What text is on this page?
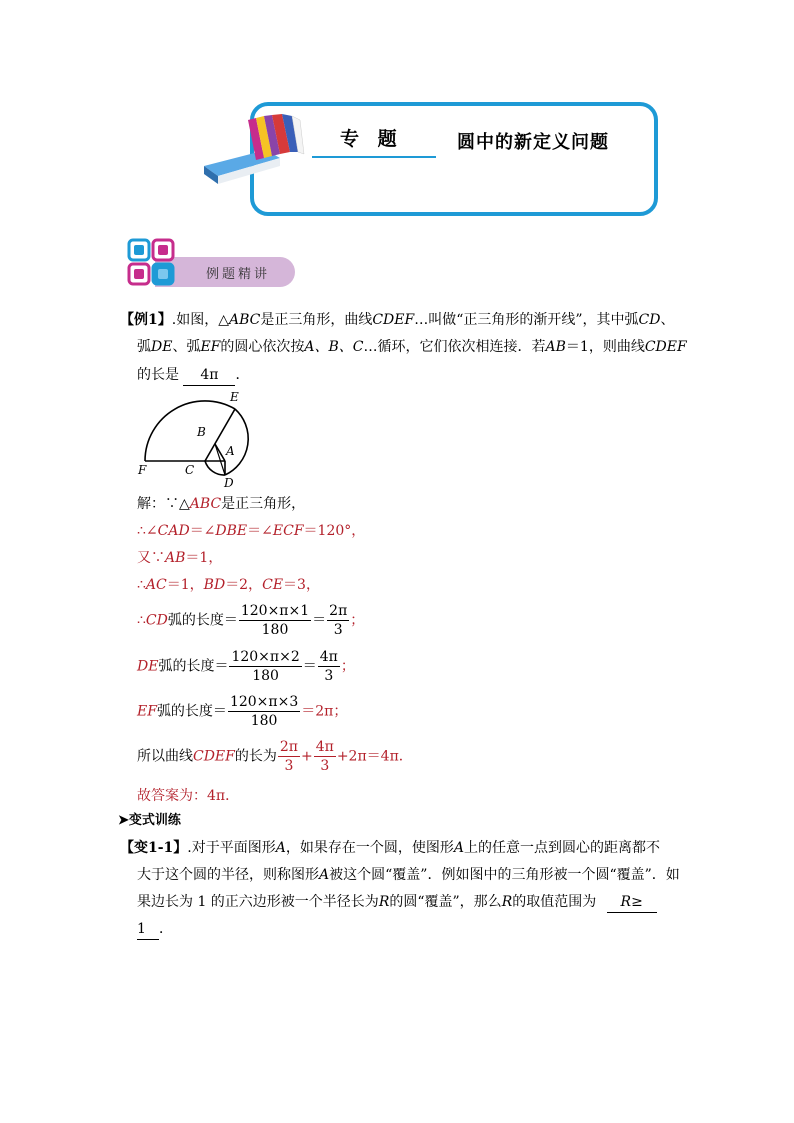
专 题	圆中的新定义问题
例题精讲
【例1】.如图，△ABC是正三角形，曲线CDEF…叫做“正三角形的渐开线”，其中弧CD、
弧DE、弧EF的圆心依次按A、B、C…循环，它们依次相连接．若AB＝1，则曲线CDEF
的长是 4π ．
E
B
A
F	C
D
解：∵△ABC是正三角形，
∴∠CAD＝∠DBE＝∠ECF＝120°，
又∵AB＝1，
∴AC＝1，BD＝2，CE＝3，
∴CD弧的长度＝ $\frac{120\times\pi\times 1}{180} = \frac{2\pi}{3}$ ；
DE弧的长度＝ $\frac{120\times\pi\times 2}{180} = \frac{4\pi}{3}$ ；
EF弧的长度＝ $\frac{120\times\pi\times 3}{180} =2\pi$；
所以曲线CDEF的长为 $\frac{2\pi}{3} + \frac{4\pi}{3} +2\pi=4\pi$．
故答案为：4π．
➤变式训练
【变1-1】.对于平面图形A，如果存在一个圆，使图形A上的任意一点到圆心的距离都不
大于这个圆的半径，则称图形A被这个圆“覆盖”．例如图中的三角形被一个圆“覆盖”．如
果边长为 1 的正六边形被一个半径长为R的圆“覆盖”，那么R的取值范围为 R≥
1 ．
